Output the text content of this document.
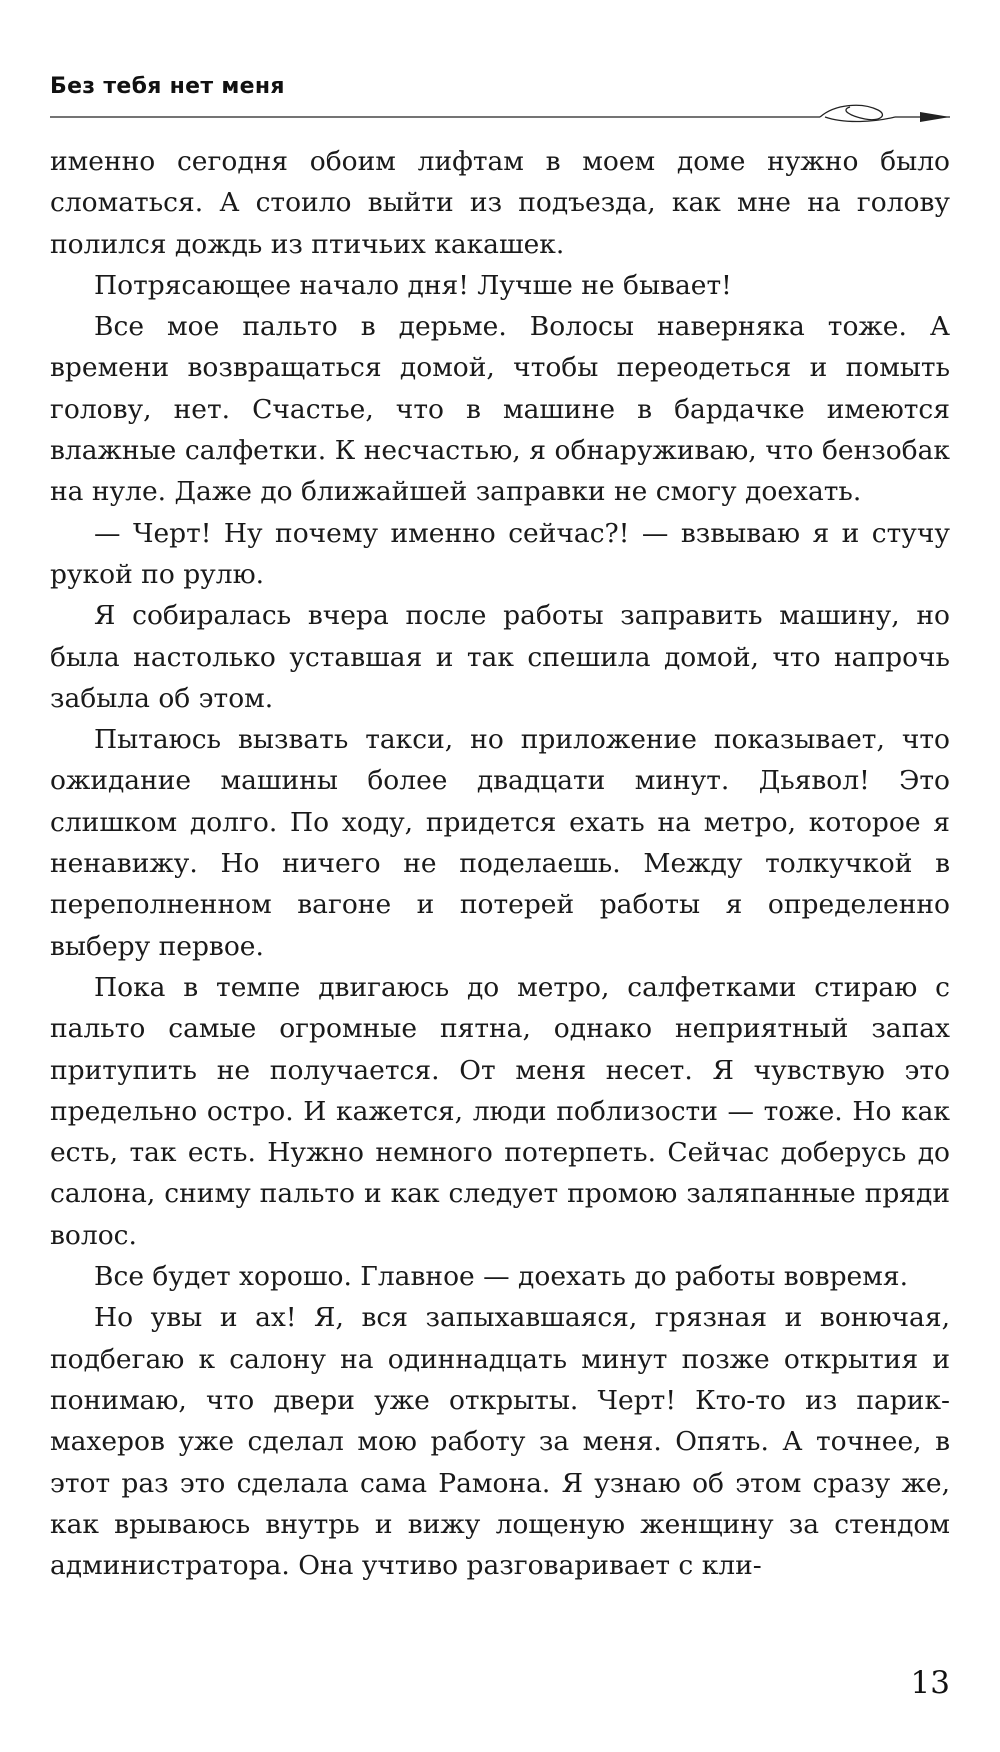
Без тебя нет меня

именно сегодня обоим лифтам в моем доме нужно было сломаться. А стоило выйти из подъезда, как мне на голову полился дождь из птичьих какашек.

Потрясающее начало дня! Лучше не бывает!

Все мое пальто в дерьме. Волосы наверняка тоже. А времени возвращаться домой, чтобы переодеться и помыть голову, нет. Счастье, что в машине в бардачке имеются влажные салфетки. К несчастью, я обнаруживаю, что бензобак на нуле. Даже до ближайшей заправки не смогу доехать.

— Черт! Ну почему именно сейчас?! — взвываю я и стучу рукой по рулю.

Я собиралась вчера после работы заправить машину, но была настолько уставшая и так спешила домой, что напрочь забыла об этом.

Пытаюсь вызвать такси, но приложение показывает, что ожидание машины более двадцати минут. Дьявол! Это слишком долго. По ходу, придется ехать на метро, которое я ненавижу. Но ничего не поделаешь. Между толкучкой в переполненном вагоне и потерей работы я определенно выберу первое.

Пока в темпе двигаюсь до метро, салфетками стираю с пальто самые огромные пятна, однако неприятный запах притупить не получается. От меня несет. Я чувствую это предельно остро. И кажется, люди поблизости — тоже. Но как есть, так есть. Нужно немного потерпеть. Сейчас доберусь до салона, сниму пальто и как следует промою заляпанные пряди волос.

Все будет хорошо. Главное — доехать до работы вовремя.

Но увы и ах! Я, вся запыхавшаяся, грязная и вонючая, подбегаю к салону на одиннадцать минут позже открытия и понимаю, что двери уже открыты. Черт! Кто-то из парикмахеров уже сделал мою работу за меня. Опять. А точнее, в этот раз это сделала сама Рамона. Я узнаю об этом сразу же, как врываюсь внутрь и вижу лощеную женщину за стендом администратора. Она учтиво разговаривает с кли-

13
